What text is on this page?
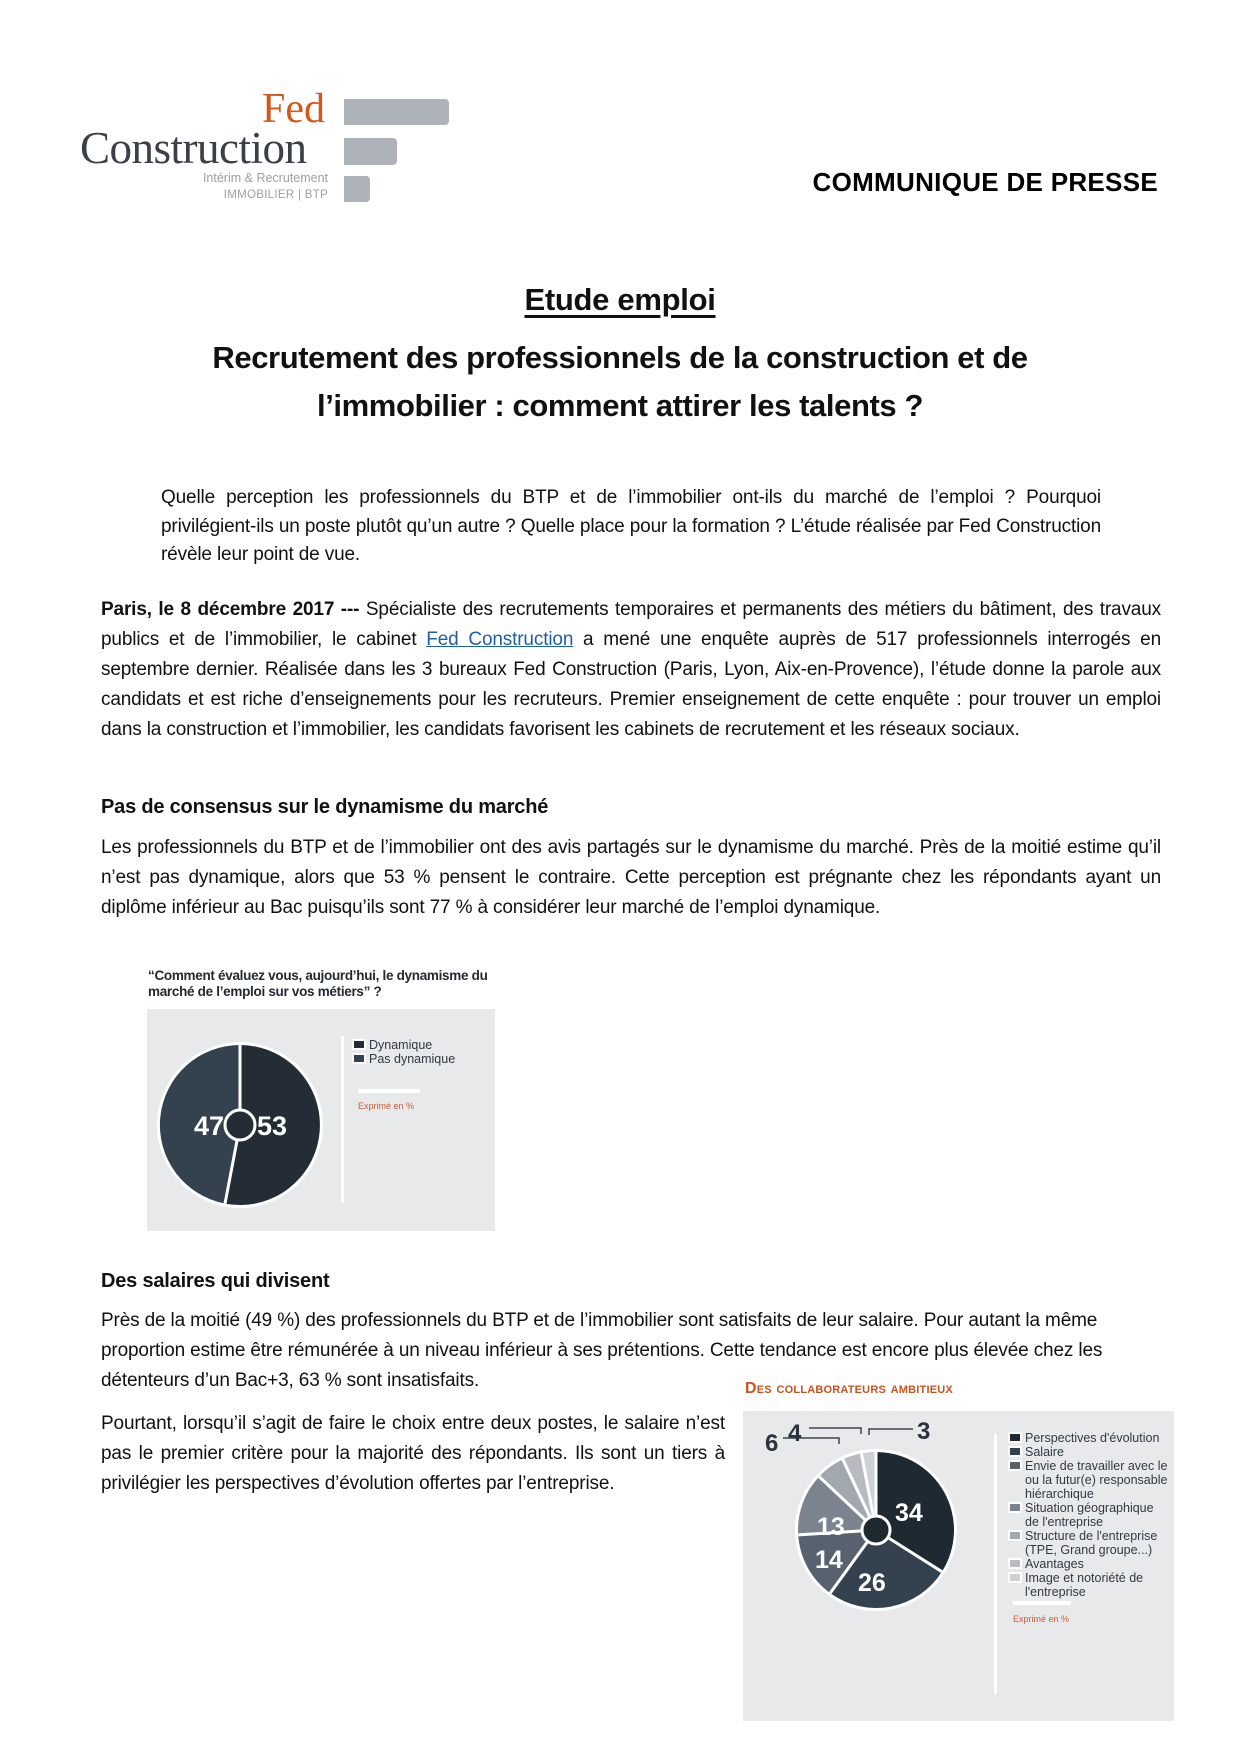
Fed
Construction
Intérim & Recrutement
IMMOBILIER | BTP	COMMUNIQUE DE PRESSE
Etude emploi
Recrutement des professionnels de la construction et de l’immobilier : comment attirer les talents ?
Quelle perception les professionnels du BTP et de l’immobilier ont-ils du marché de l’emploi ? Pourquoi privilégient-ils un poste plutôt qu’un autre ? Quelle place pour la formation ? L’étude réalisée par Fed Construction révèle leur point de vue.
Paris, le 8 décembre 2017 --- Spécialiste des recrutements temporaires et permanents des métiers du bâtiment, des travaux publics et de l’immobilier, le cabinet Fed Construction a mené une enquête auprès de 517 professionnels interrogés en septembre dernier. Réalisée dans les 3 bureaux Fed Construction (Paris, Lyon, Aix-en-Provence), l’étude donne la parole aux candidats et est riche d’enseignements pour les recruteurs. Premier enseignement de cette enquête : pour trouver un emploi dans la construction et l’immobilier, les candidats favorisent les cabinets de recrutement et les réseaux sociaux.
Pas de consensus sur le dynamisme du marché
Les professionnels du BTP et de l’immobilier ont des avis partagés sur le dynamisme du marché. Près de la moitié estime qu’il n’est pas dynamique, alors que 53 % pensent le contraire. Cette perception est prégnante chez les répondants ayant un diplôme inférieur au Bac puisqu’ils sont 77 % à considérer leur marché de l’emploi dynamique.
“Comment évaluez vous, aujourd’hui, le dynamisme du marché de l’emploi sur vos métiers” ?
47 53
Dynamique
Pas dynamique
Exprimé en %
Des salaires qui divisent
Près de la moitié (49 %) des professionnels du BTP et de l’immobilier sont satisfaits de leur salaire. Pour autant la même proportion estime être rémunérée à un niveau inférieur à ses prétentions. Cette tendance est encore plus élevée chez les détenteurs d’un Bac+3, 63 % sont insatisfaits.
Pourtant, lorsqu’il s’agit de faire le choix entre deux postes, le salaire n’est pas le premier critère pour la majorité des répondants. Ils sont un tiers à privilégier les perspectives d’évolution offertes par l’entreprise.
Des collaborateurs ambitieux
34
26
14
13
6 4	3	Perspectives d'évolution
Salaire
Envie de travailler avec le ou la futur(e) responsable hiérarchique
Situation géographique de l'entreprise
Structure de l'entreprise (TPE, Grand groupe...)
Avantages
Image et notoriété de l'entreprise
Exprimé en %
